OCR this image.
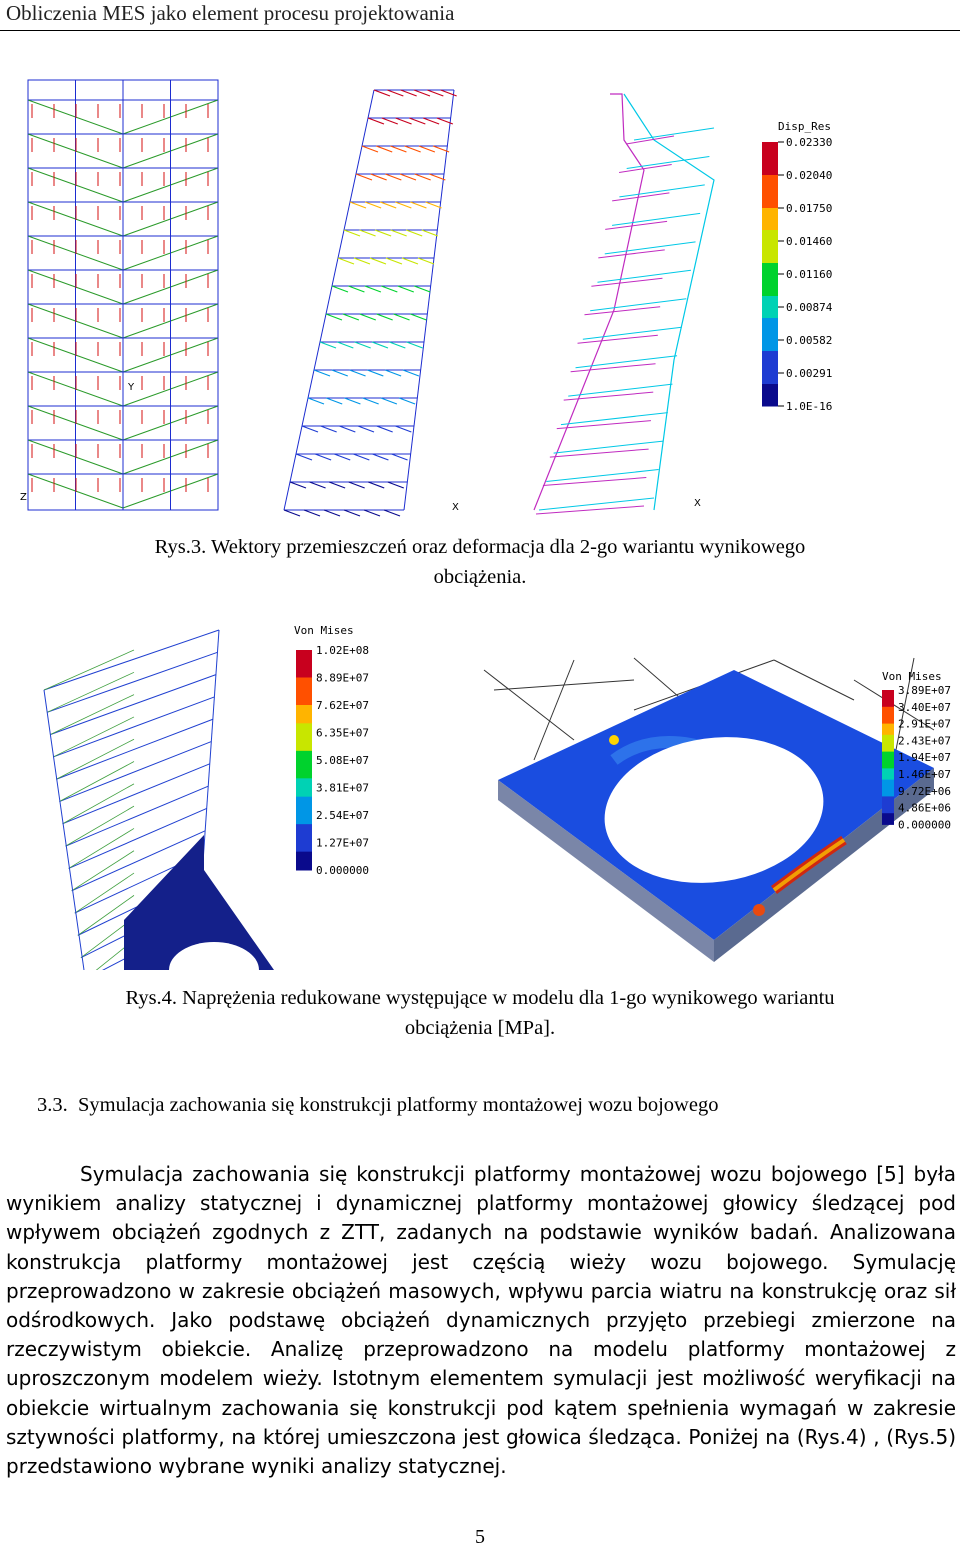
Obliczenia MES jako element procesu projektowania
Z
Y
X	X
Disp_Res
0.02330
0.02040
0.01750
0.01460
0.01160
0.00874
0.00582
0.00291
1.0E-16
Rys.3. Wektory przemieszczeń oraz deformacja dla 2-go wariantu wynikowego
obciążenia.
Von Mises
1.02E+08
8.89E+07
7.62E+07
6.35E+07
5.08E+07
3.81E+07
2.54E+07
1.27E+07
0.000000
Von Mises
3.89E+07
3.40E+07
2.91E+07
2.43E+07
1.94E+07
1.46E+07
9.72E+06
4.86E+06
0.000000
Rys.4. Naprężenia redukowane występujące w modelu dla 1-go wynikowego wariantu
obciążenia [MPa].
3.3. Symulacja zachowania się konstrukcji platformy montażowej wozu bojowego

Symulacja zachowania się konstrukcji platformy montażowej wozu bojowego [5] była wynikiem analizy statycznej i dynamicznej platformy montażowej głowicy śledzącej pod wpływem obciążeń zgodnych z ZTT, zadanych na podstawie wyników badań. Analizowana konstrukcja platformy montażowej jest częścią wieży wozu bojowego. Symulację przeprowadzono w zakresie obciążeń masowych, wpływu parcia wiatru na konstrukcję oraz sił odśrodkowych. Jako podstawę obciążeń dynamicznych przyjęto przebiegi zmierzone na rzeczywistym obiekcie. Analizę przeprowadzono na modelu platformy montażowej z uproszczonym modelem wieży. Istotnym elementem symulacji jest możliwość weryfikacji na obiekcie wirtualnym zachowania się konstrukcji pod kątem spełnienia wymagań w zakresie sztywności platformy, na której umieszczona jest głowica śledząca. Poniżej na (Rys.4) , (Rys.5) przedstawiono wybrane wyniki analizy statycznej.

5
